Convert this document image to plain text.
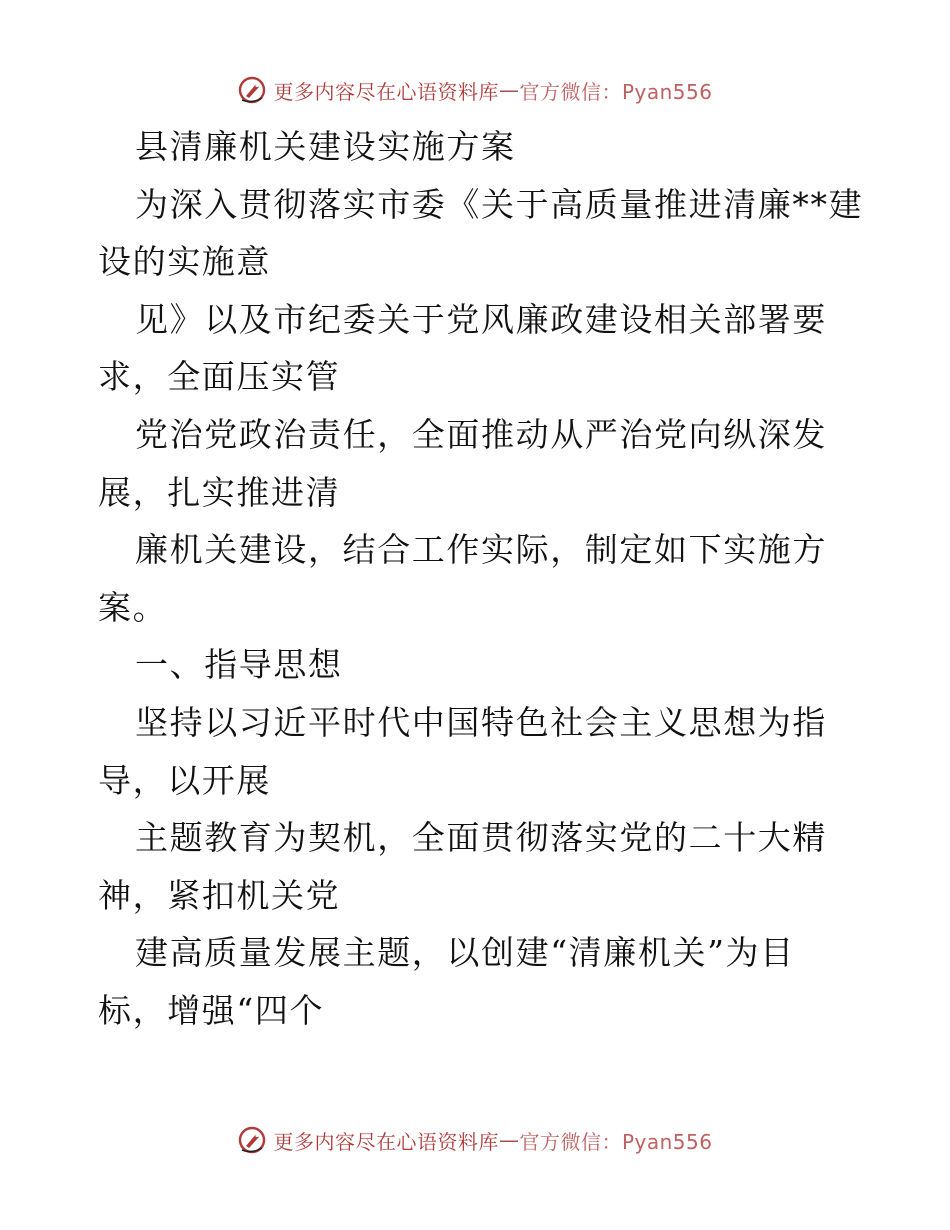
更多内容尽在心语资料库 — 官方微信：Pyan556
县清廉机关建设实施方案
为深入贯彻落实市委《关于高质量推进清廉**建
设的实施意
见》以及市纪委关于党风廉政建设相关部署要
求，全面压实管
党治党政治责任，全面推动从严治党向纵深发
展，扎实推进清
廉机关建设，结合工作实际，制定如下实施方
案。
一、指导思想
坚持以习近平时代中国特色社会主义思想为指
导，以开展
主题教育为契机，全面贯彻落实党的二十大精
神，紧扣机关党
建高质量发展主题，以创建“清廉机关”为目
标，增强“四个
更多内容尽在心语资料库 — 官方微信：Pyan556
